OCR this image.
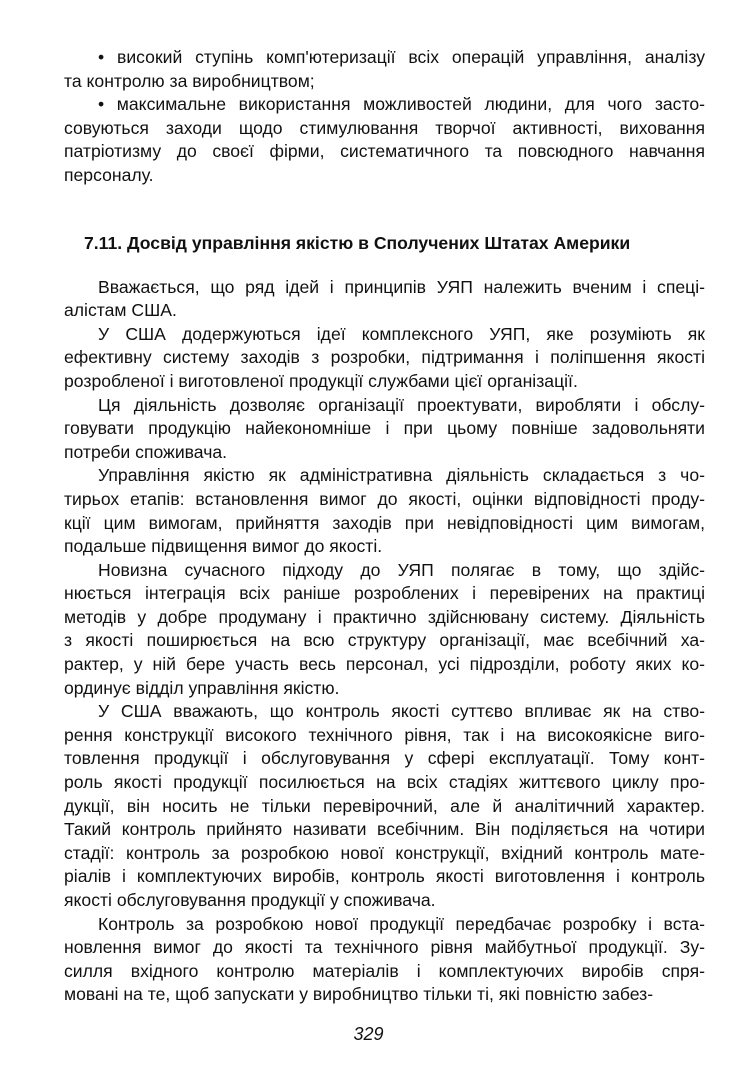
• високий ступінь комп'ютеризації всіх операцій управління, аналізу
та контролю за виробництвом;
• максимальне використання можливостей людини, для чого засто-
совуються заходи щодо стимулювання творчої активності, виховання
патріотизму до своєї фірми, систематичного та повсюдного навчання
персоналу.
7.11. Досвід управління якістю в Сполучених Штатах Америки
Вважається, що ряд ідей і принципів УЯП належить вченим і спеці-
алістам США.
У США додержуються ідеї комплексного УЯП, яке розуміють як
ефективну систему заходів з розробки, підтримання і поліпшення якості
розробленої і виготовленої продукції службами цієї організації.
Ця діяльність дозволяє організації проектувати, виробляти і обслу-
говувати продукцію найекономніше і при цьому повніше задовольняти
потреби споживача.
Управління якістю як адміністративна діяльність складається з чо-
тирьох етапів: встановлення вимог до якості, оцінки відповідності проду-
кції цим вимогам, прийняття заходів при невідповідності цим вимогам,
подальше підвищення вимог до якості.
Новизна сучасного підходу до УЯП полягає в тому, що здійс-
нюється інтеграція всіх раніше розроблених і перевірених на практиці
методів у добре продуману і практично здійснювану систему. Діяльність
з якості поширюється на всю структуру організації, має всебічний ха-
рактер, у ній бере участь весь персонал, усі підрозділи, роботу яких ко-
ординує відділ управління якістю.
У США вважають, що контроль якості суттєво впливає як на ство-
рення конструкції високого технічного рівня, так і на високоякісне виго-
товлення продукції і обслуговування у сфері експлуатації. Тому конт-
роль якості продукції посилюється на всіх стадіях життєвого циклу про-
дукції, він носить не тільки перевірочний, але й аналітичний характер.
Такий контроль прийнято називати всебічним. Він поділяється на чотири
стадії: контроль за розробкою нової конструкції, вхідний контроль мате-
ріалів і комплектуючих виробів, контроль якості виготовлення і контроль
якості обслуговування продукції у споживача.
Контроль за розробкою нової продукції передбачає розробку і вста-
новлення вимог до якості та технічного рівня майбутньої продукції. Зу-
силля вхідного контролю матеріалів і комплектуючих виробів спря-
мовані на те, щоб запускати у виробництво тільки ті, які повністю забез-
329
